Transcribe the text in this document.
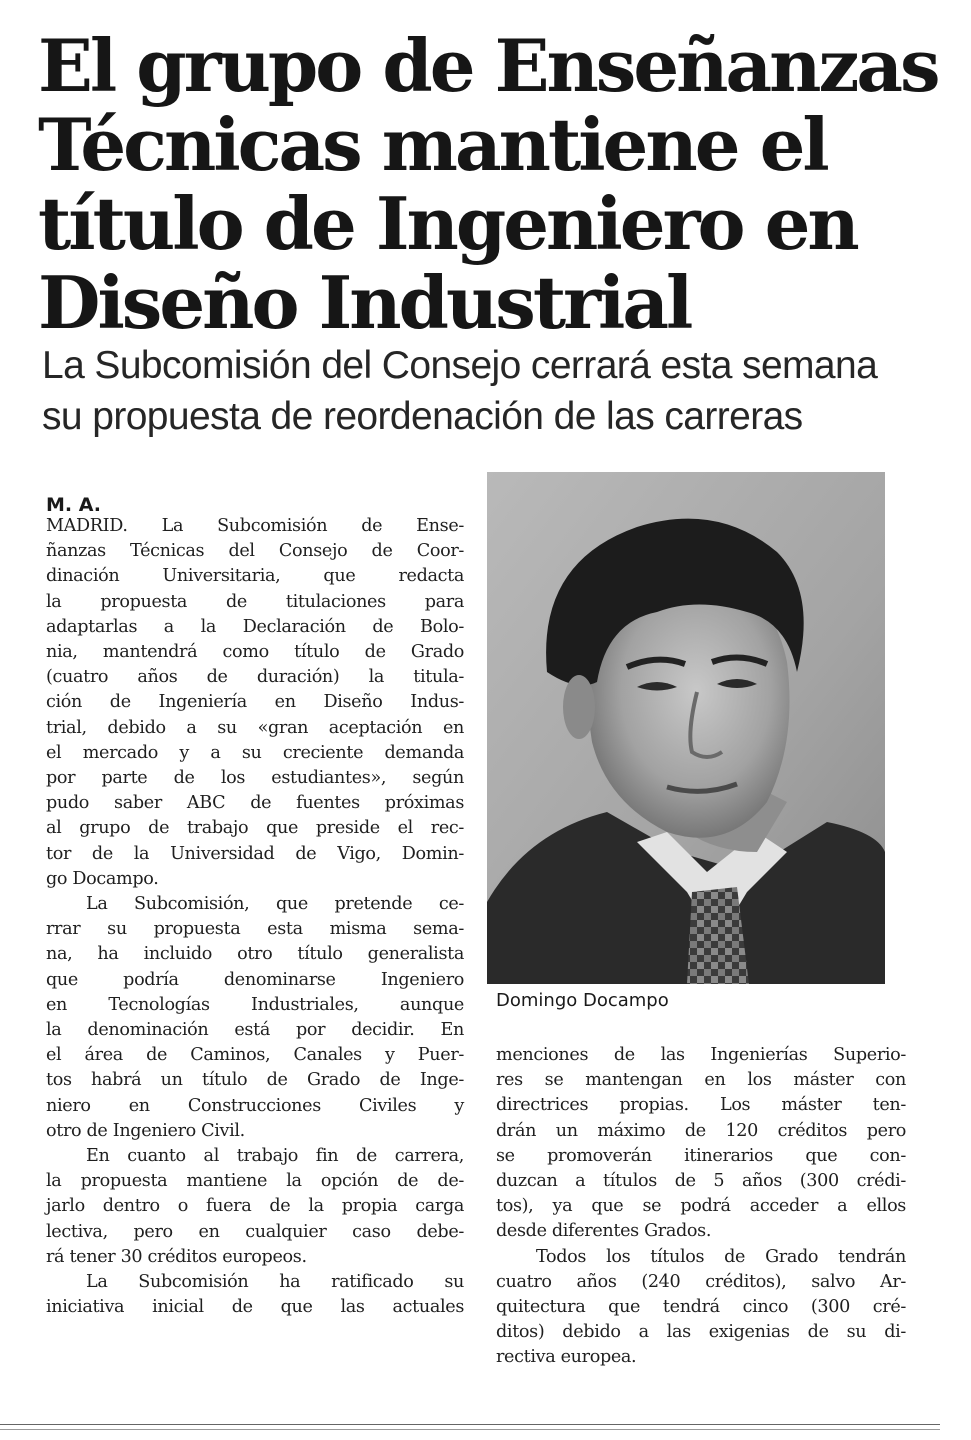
El grupo de Enseñanzas
Técnicas mantiene el
título de Ingeniero en
Diseño Industrial
La Subcomisión del Consejo cerrará esta semana
su propuesta de reordenación de las carreras
M. A.
MADRID. La Subcomisión de Ense-
ñanzas Técnicas del Consejo de Coor-
dinación Universitaria, que redacta
la propuesta de titulaciones para
adaptarlas a la Declaración de Bolo-
nia, mantendrá como título de Grado
(cuatro años de duración) la titula-
ción de Ingeniería en Diseño Indus-
trial, debido a su «gran aceptación en
el mercado y a su creciente demanda
por parte de los estudiantes», según
pudo saber ABC de fuentes próximas
al grupo de trabajo que preside el rec-
tor de la Universidad de Vigo, Domin-
go Docampo.
La Subcomisión, que pretende ce-
rrar su propuesta esta misma sema-
na, ha incluido otro título generalista
que podría denominarse Ingeniero
en Tecnologías Industriales, aunque
la denominación está por decidir. En
el área de Caminos, Canales y Puer-
tos habrá un título de Grado de Inge-
niero en Construcciones Civiles y
otro de Ingeniero Civil.
En cuanto al trabajo fin de carrera,
la propuesta mantiene la opción de de-
jarlo dentro o fuera de la propia carga
lectiva, pero en cualquier caso debe-
rá tener 30 créditos europeos.
La Subcomisión ha ratificado su
iniciativa inicial de que las actuales
Domingo Docampo
menciones de las Ingenierías Superio-
res se mantengan en los máster con
directrices propias. Los máster ten-
drán un máximo de 120 créditos pero
se promoverán itinerarios que con-
duzcan a títulos de 5 años (300 crédi-
tos), ya que se podrá acceder a ellos
desde diferentes Grados.
Todos los títulos de Grado tendrán
cuatro años (240 créditos), salvo Ar-
quitectura que tendrá cinco (300 cré-
ditos) debido a las exigenias de su di-
rectiva europea.
